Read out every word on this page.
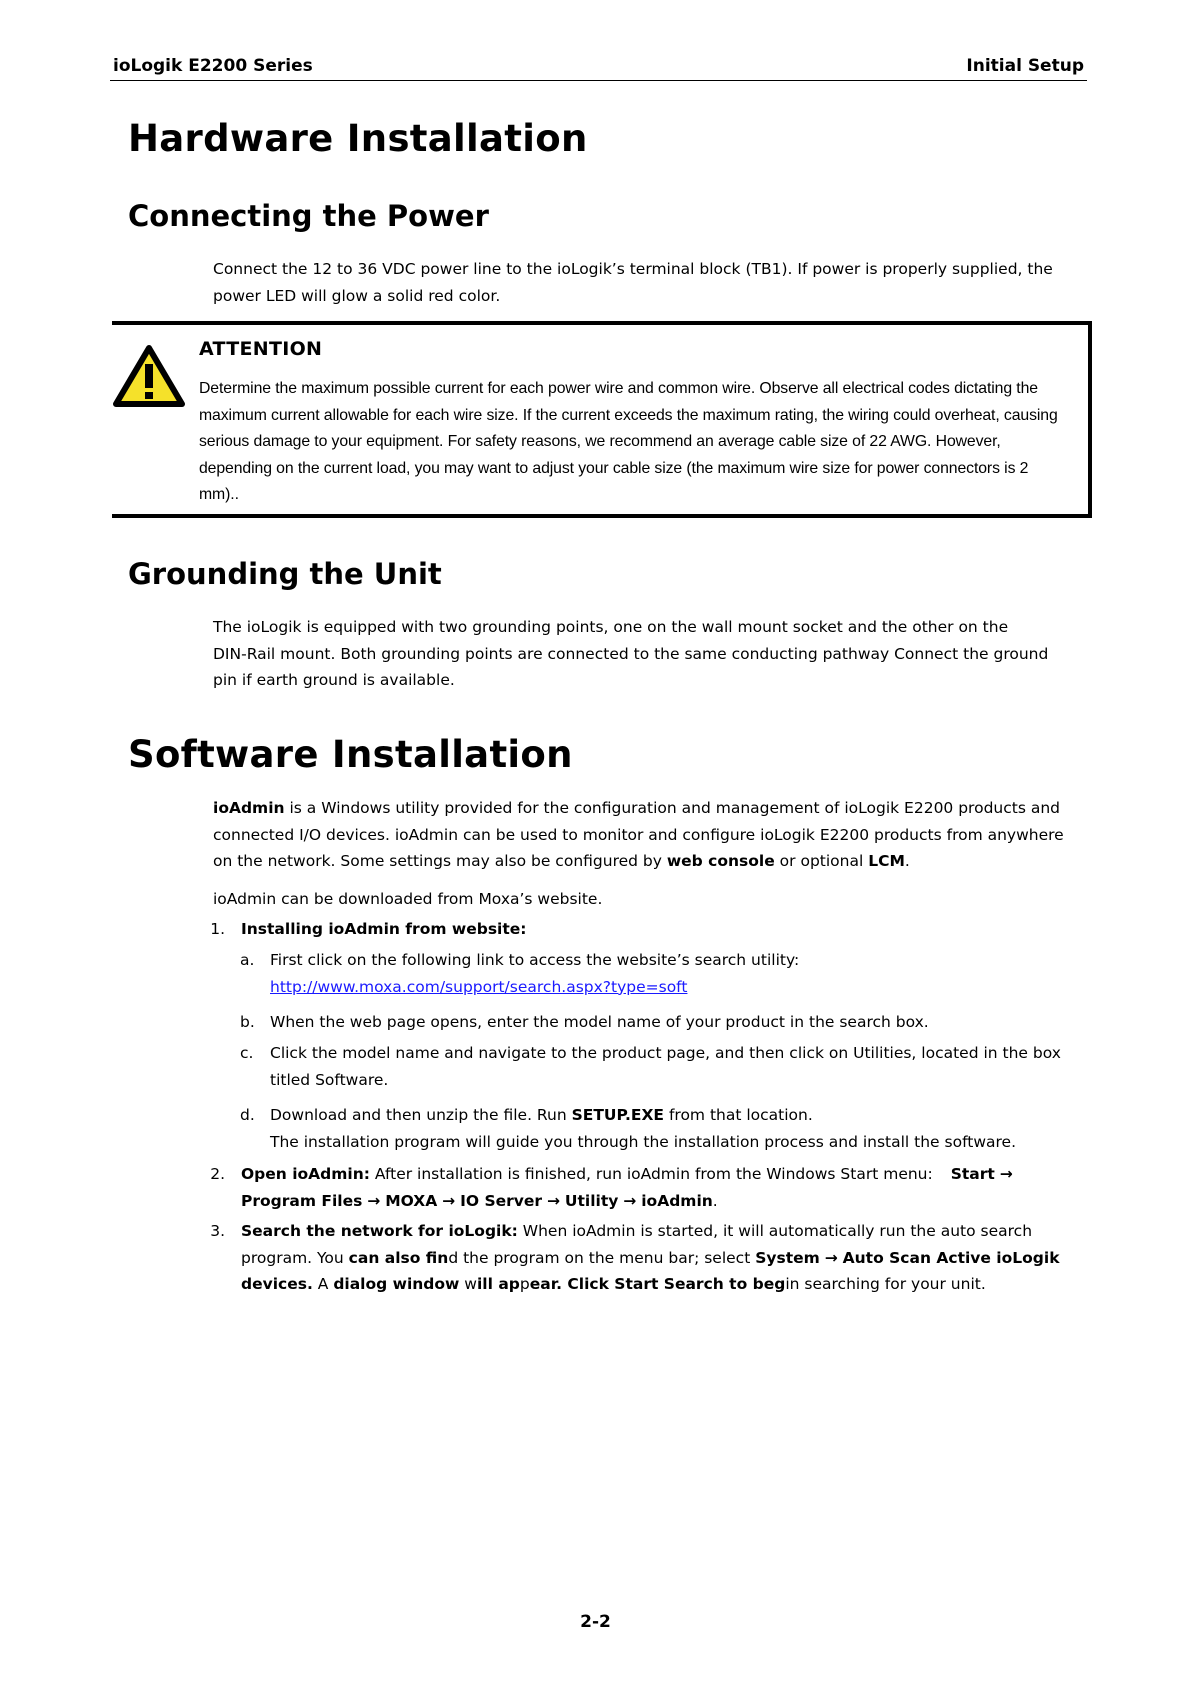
ioLogik E2200 Series	Initial Setup
Hardware Installation
Connecting the Power
Connect the 12 to 36 VDC power line to the ioLogik’s terminal block (TB1). If power is properly supplied, the
power LED will glow a solid red color.
ATTENTION
Determine the maximum possible current for each power wire and common wire. Observe all electrical codes dictating the
maximum current allowable for each wire size. If the current exceeds the maximum rating, the wiring could overheat, causing
serious damage to your equipment. For safety reasons, we recommend an average cable size of 22 AWG. However,
depending on the current load, you may want to adjust your cable size (the maximum wire size for power connectors is 2
mm)..
Grounding the Unit
The ioLogik is equipped with two grounding points, one on the wall mount socket and the other on the
DIN-Rail mount. Both grounding points are connected to the same conducting pathway Connect the ground
pin if earth ground is available.
Software Installation
ioAdmin is a Windows utility provided for the configuration and management of ioLogik E2200 products and
connected I/O devices. ioAdmin can be used to monitor and configure ioLogik E2200 products from anywhere
on the network. Some settings may also be configured by web console or optional LCM.
ioAdmin can be downloaded from Moxa’s website.
1. Installing ioAdmin from website:
a. First click on the following link to access the website’s search utility:
http://www.moxa.com/support/search.aspx?type=soft
b. When the web page opens, enter the model name of your product in the search box.
c. Click the model name and navigate to the product page, and then click on Utilities, located in the box
titled Software.
d. Download and then unzip the file. Run SETUP.EXE from that location.
The installation program will guide you through the installation process and install the software.
2. Open ioAdmin: After installation is finished, run ioAdmin from the Windows Start menu: Start →
Program Files → MOXA → IO Server → Utility → ioAdmin.
3. Search the network for ioLogik: When ioAdmin is started, it will automatically run the auto search
program. You can also find the program on the menu bar; select System → Auto Scan Active ioLogik
devices. A dialog window will appear. Click Start Search to begin searching for your unit.
2-2
